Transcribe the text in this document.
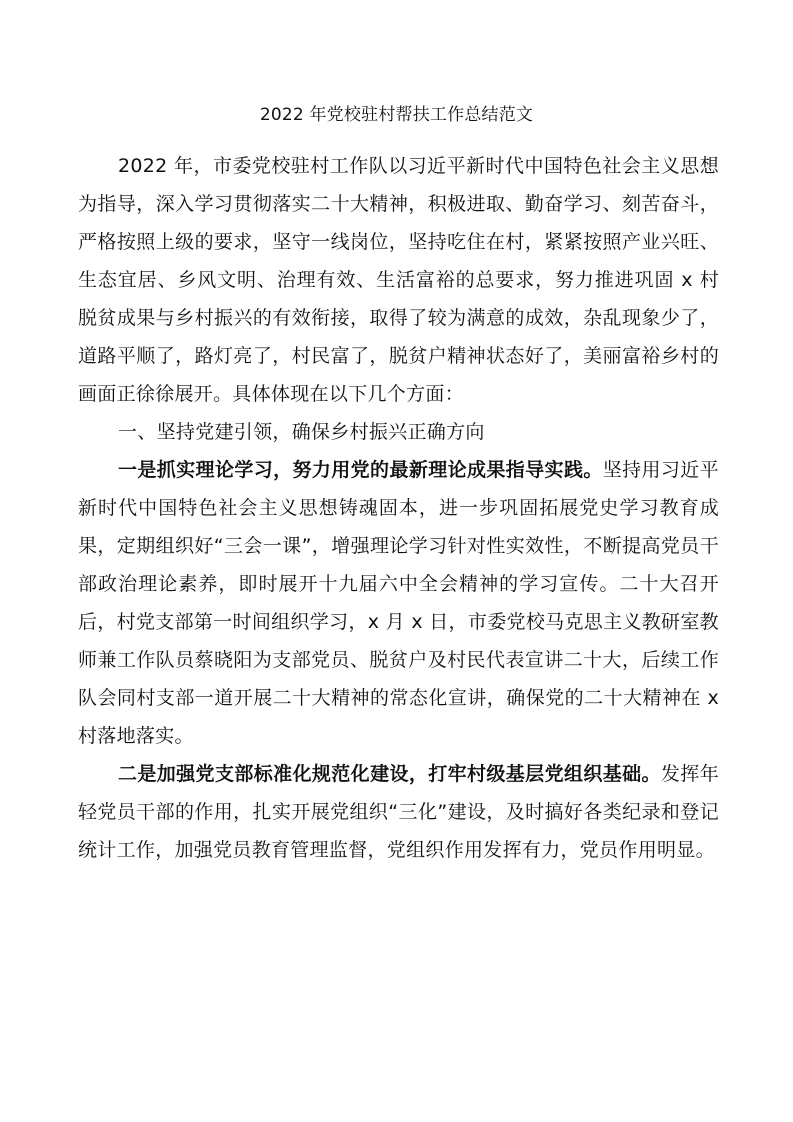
2022 年党校驻村帮扶工作总结范文

2022 年，市委党校驻村工作队以习近平新时代中国特色社会主义思想为指导，深入学习贯彻落实二十大精神，积极进取、勤奋学习、刻苦奋斗，严格按照上级的要求，坚守一线岗位，坚持吃住在村，紧紧按照产业兴旺、生态宜居、乡风文明、治理有效、生活富裕的总要求，努力推进巩固 x 村脱贫成果与乡村振兴的有效衔接，取得了较为满意的成效，杂乱现象少了，道路平顺了，路灯亮了，村民富了，脱贫户精神状态好了，美丽富裕乡村的画面正徐徐展开。具体体现在以下几个方面：

一、坚持党建引领，确保乡村振兴正确方向

一是抓实理论学习，努力用党的最新理论成果指导实践。坚持用习近平新时代中国特色社会主义思想铸魂固本，进一步巩固拓展党史学习教育成果，定期组织好“三会一课”，增强理论学习针对性实效性，不断提高党员干部政治理论素养，即时展开十九届六中全会精神的学习宣传。二十大召开后，村党支部第一时间组织学习，x 月 x 日，市委党校马克思主义教研室教师兼工作队员蔡晓阳为支部党员、脱贫户及村民代表宣讲二十大，后续工作队会同村支部一道开展二十大精神的常态化宣讲，确保党的二十大精神在 x 村落地落实。

二是加强党支部标准化规范化建设，打牢村级基层党组织基础。发挥年轻党员干部的作用，扎实开展党组织“三化”建设，及时搞好各类纪录和登记统计工作，加强党员教育管理监督，党组织作用发挥有力，党员作用明显。
